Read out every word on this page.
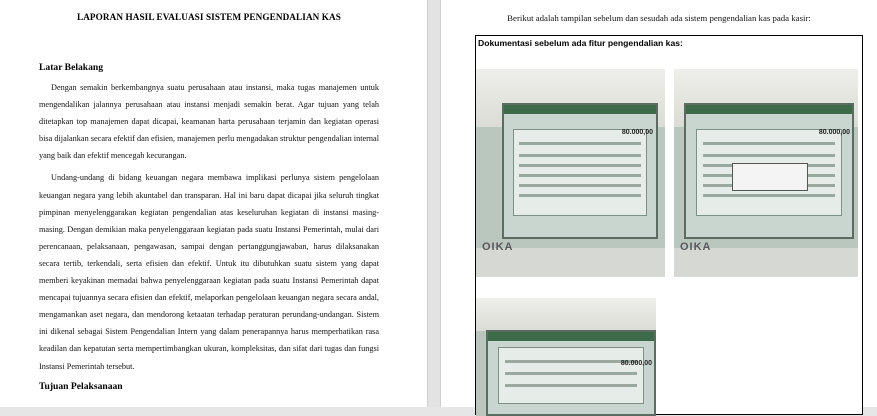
LAPORAN HASIL EVALUASI SISTEM PENGENDALIAN KAS
Latar Belakang

Dengan semakin berkembangnya suatu perusahaan atau instansi, maka tugas manajemen untuk mengendalikan jalannya perusahaan atau instansi menjadi semakin berat. Agar tujuan yang telah ditetapkan top manajemen dapat dicapai, keamanan harta perusahaan terjamin dan kegiatan operasi bisa dijalankan secara efektif dan efisien, manajemen perlu mengadakan struktur pengendalian internal yang baik dan efektif mencegah kecurangan.

Undang-undang di bidang keuangan negara membawa implikasi perlunya sistem pengelolaan keuangan negara yang lebih akuntabel dan transparan. Hal ini baru dapat dicapai jika seluruh tingkat pimpinan menyelenggarakan kegiatan pengendalian atas keseluruhan kegiatan di instansi masing-masing. Dengan demikian maka penyelenggaraan kegiatan pada suatu Instansi Pemerintah, mulai dari perencanaan, pelaksanaan, pengawasan, sampai dengan pertanggungjawaban, harus dilaksanakan secara tertib, terkendali, serta efisien dan efektif. Untuk itu dibutuhkan suatu sistem yang dapat memberi keyakinan memadai bahwa penyelenggaraan kegiatan pada suatu Instansi Pemerintah dapat mencapai tujuannya secara efisien dan efektif, melaporkan pengelolaan keuangan negara secara andal, mengamankan aset negara, dan mendorong ketaatan terhadap peraturan perundang-undangan. Sistem ini dikenal sebagai Sistem Pengendalian Intern yang dalam penerapannya harus memperhatikan rasa keadilan dan kepatutan serta mempertimbangkan ukuran, kompleksitas, dan sifat dari tugas dan fungsi Instansi Pemerintah tersebut.

Tujuan Pelaksanaan
Berikut adalah tampilan sebelum dan sesudah ada sistem pengendalian kas pada kasir:
Dokumentasi sebelum ada fitur pengendalian kas:
80.000,00
OIKA
80.000,00
OIKA
80.000,00
